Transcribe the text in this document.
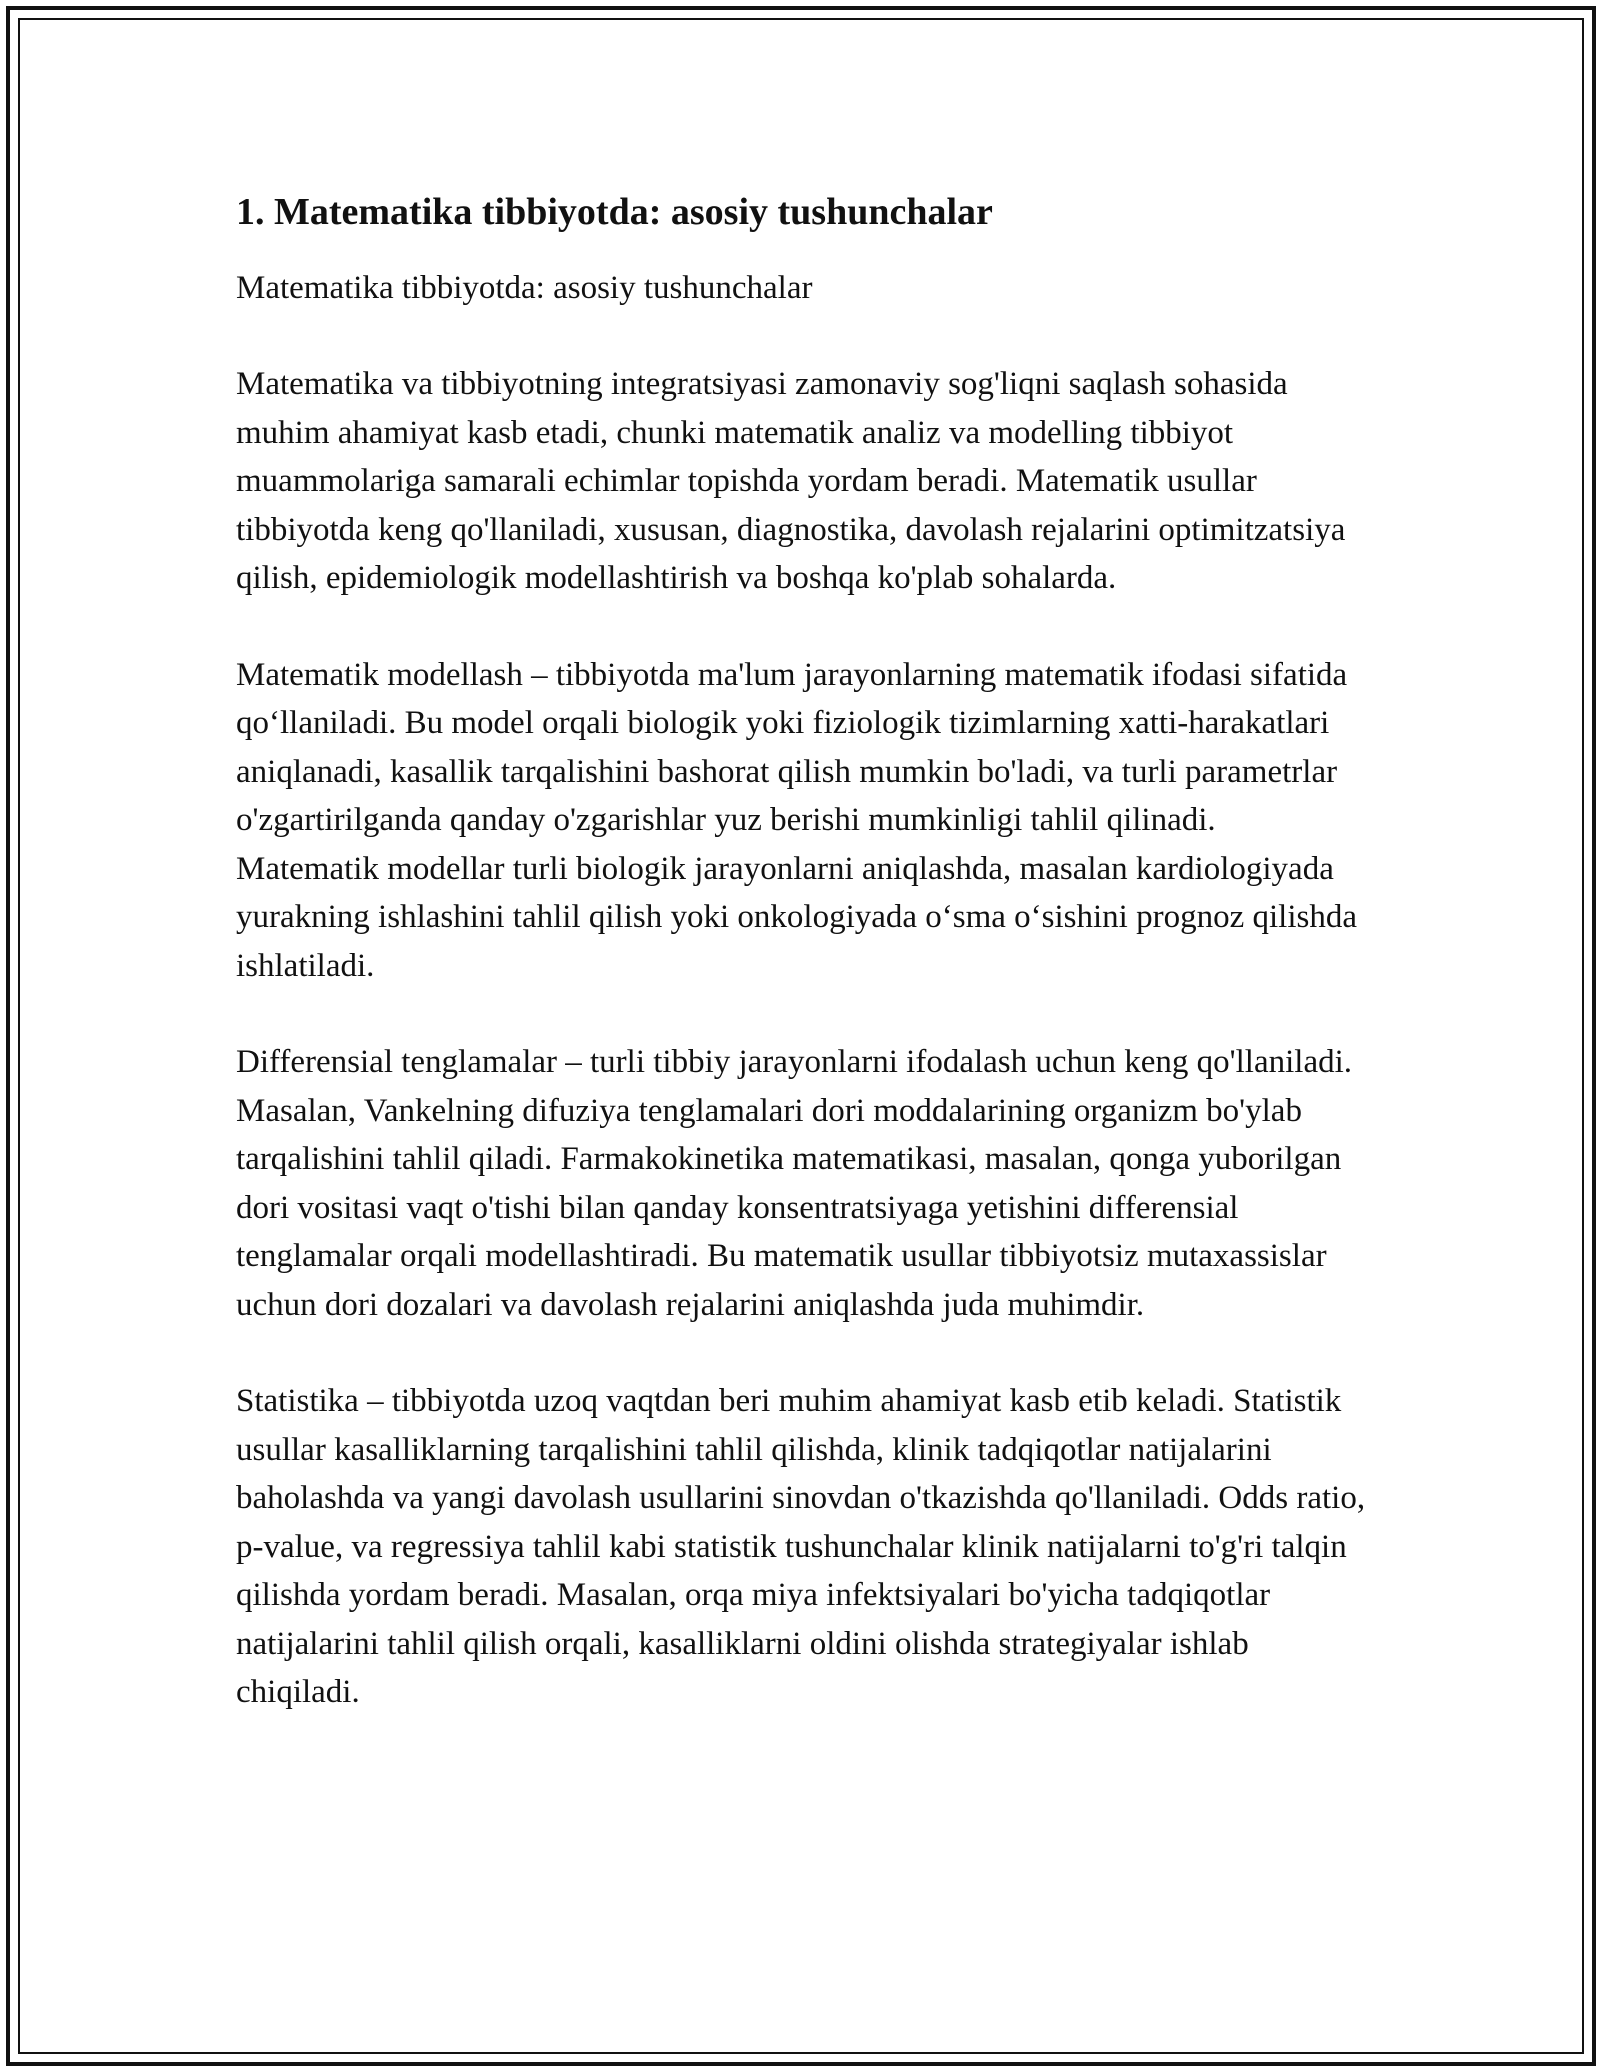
1. Matematika tibbiyotda: asosiy tushunchalar
Matematika tibbiyotda: asosiy tushunchalar

Matematika va tibbiyotning integratsiyasi zamonaviy sog'liqni saqlash sohasida muhim ahamiyat kasb etadi, chunki matematik analiz va modelling tibbiyot muammolariga samarali echimlar topishda yordam beradi. Matematik usullar tibbiyotda keng qo'llaniladi, xususan, diagnostika, davolash rejalarini optimitzatsiya qilish, epidemiologik modellashtirish va boshqa ko'plab sohalarda.

Matematik modellash – tibbiyotda ma'lum jarayonlarning matematik ifodasi sifatida qo‘llaniladi. Bu model orqali biologik yoki fiziologik tizimlarning xatti-harakatlari aniqlanadi, kasallik tarqalishini bashorat qilish mumkin bo'ladi, va turli parametrlar o'zgartirilganda qanday o'zgarishlar yuz berishi mumkinligi tahlil qilinadi. Matematik modellar turli biologik jarayonlarni aniqlashda, masalan kardiologiyada yurakning ishlashini tahlil qilish yoki onkologiyada o‘sma o‘sishini prognoz qilishda ishlatiladi.

Differensial tenglamalar – turli tibbiy jarayonlarni ifodalash uchun keng qo'llaniladi. Masalan, Vankelning difuziya tenglamalari dori moddalarining organizm bo'ylab tarqalishini tahlil qiladi. Farmakokinetika matematikasi, masalan, qonga yuborilgan dori vositasi vaqt o'tishi bilan qanday konsentratsiyaga yetishini differensial tenglamalar orqali modellashtiradi. Bu matematik usullar tibbiyotsiz mutaxassislar uchun dori dozalari va davolash rejalarini aniqlashda juda muhimdir.

Statistika – tibbiyotda uzoq vaqtdan beri muhim ahamiyat kasb etib keladi. Statistik usullar kasalliklarning tarqalishini tahlil qilishda, klinik tadqiqotlar natijalarini baholashda va yangi davolash usullarini sinovdan o'tkazishda qo'llaniladi. Odds ratio, p-value, va regressiya tahlil kabi statistik tushunchalar klinik natijalarni to'g'ri talqin qilishda yordam beradi. Masalan, orqa miya infektsiyalari bo'yicha tadqiqotlar natijalarini tahlil qilish orqali, kasalliklarni oldini olishda strategiyalar ishlab chiqiladi.
